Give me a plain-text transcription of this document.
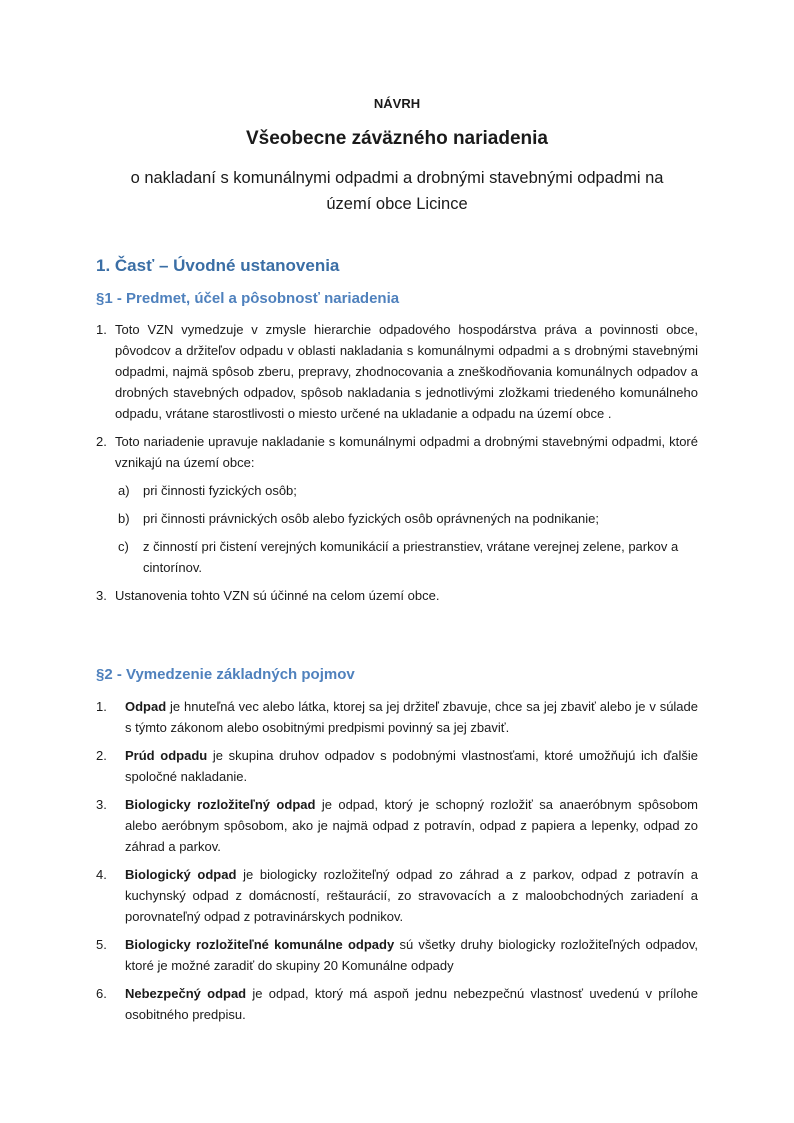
NÁVRH
Všeobecne záväzného nariadenia
o nakladaní s komunálnymi odpadmi a drobnými stavebnými odpadmi na území obce Licince
1. Časť – Úvodné ustanovenia
§1 - Predmet, účel a pôsobnosť nariadenia
1. Toto VZN vymedzuje v zmysle hierarchie odpadového hospodárstva práva a povinnosti obce, pôvodcov a držiteľov odpadu v oblasti nakladania s komunálnymi odpadmi a s drobnými stavebnými odpadmi, najmä spôsob zberu, prepravy, zhodnocovania a zneškodňovania komunálnych odpadov a drobných stavebných odpadov, spôsob nakladania s jednotlivými zložkami triedeného komunálneho odpadu, vrátane starostlivosti o miesto určené na ukladanie a odpadu na území obce .
2. Toto nariadenie upravuje nakladanie s komunálnymi odpadmi a drobnými stavebnými odpadmi, ktoré vznikajú na území obce:
a) pri činnosti fyzických osôb;
b) pri činnosti právnických osôb alebo fyzických osôb oprávnených na podnikanie;
c) z činností pri čistení verejných komunikácií a priestranstiev, vrátane verejnej zelene, parkov a cintorínov.
3. Ustanovenia tohto VZN sú účinné na celom území obce.
§2 - Vymedzenie základných pojmov
1. Odpad je hnuteľná vec alebo látka, ktorej sa jej držiteľ zbavuje, chce sa jej zbaviť alebo je v súlade s týmto zákonom alebo osobitnými predpismi povinný sa jej zbaviť.
2. Prúd odpadu je skupina druhov odpadov s podobnými vlastnosťami, ktoré umožňujú ich ďalšie spoločné nakladanie.
3. Biologicky rozložiteľný odpad je odpad, ktorý je schopný rozložiť sa anaeróbnym spôsobom alebo aeróbnym spôsobom, ako je najmä odpad z potravín, odpad z papiera a lepenky, odpad zo záhrad a parkov.
4. Biologický odpad je biologicky rozložiteľný odpad zo záhrad a z parkov, odpad z potravín a kuchynský odpad z domácností, reštaurácií, zo stravovacích a z maloobchodných zariadení a porovnateľný odpad z potravinárskych podnikov.
5. Biologicky rozložiteľné komunálne odpady sú všetky druhy biologicky rozložiteľných odpadov, ktoré je možné zaradiť do skupiny 20 Komunálne odpady
6. Nebezpečný odpad je odpad, ktorý má aspoň jednu nebezpečnú vlastnosť uvedenú v prílohe osobitného predpisu.
